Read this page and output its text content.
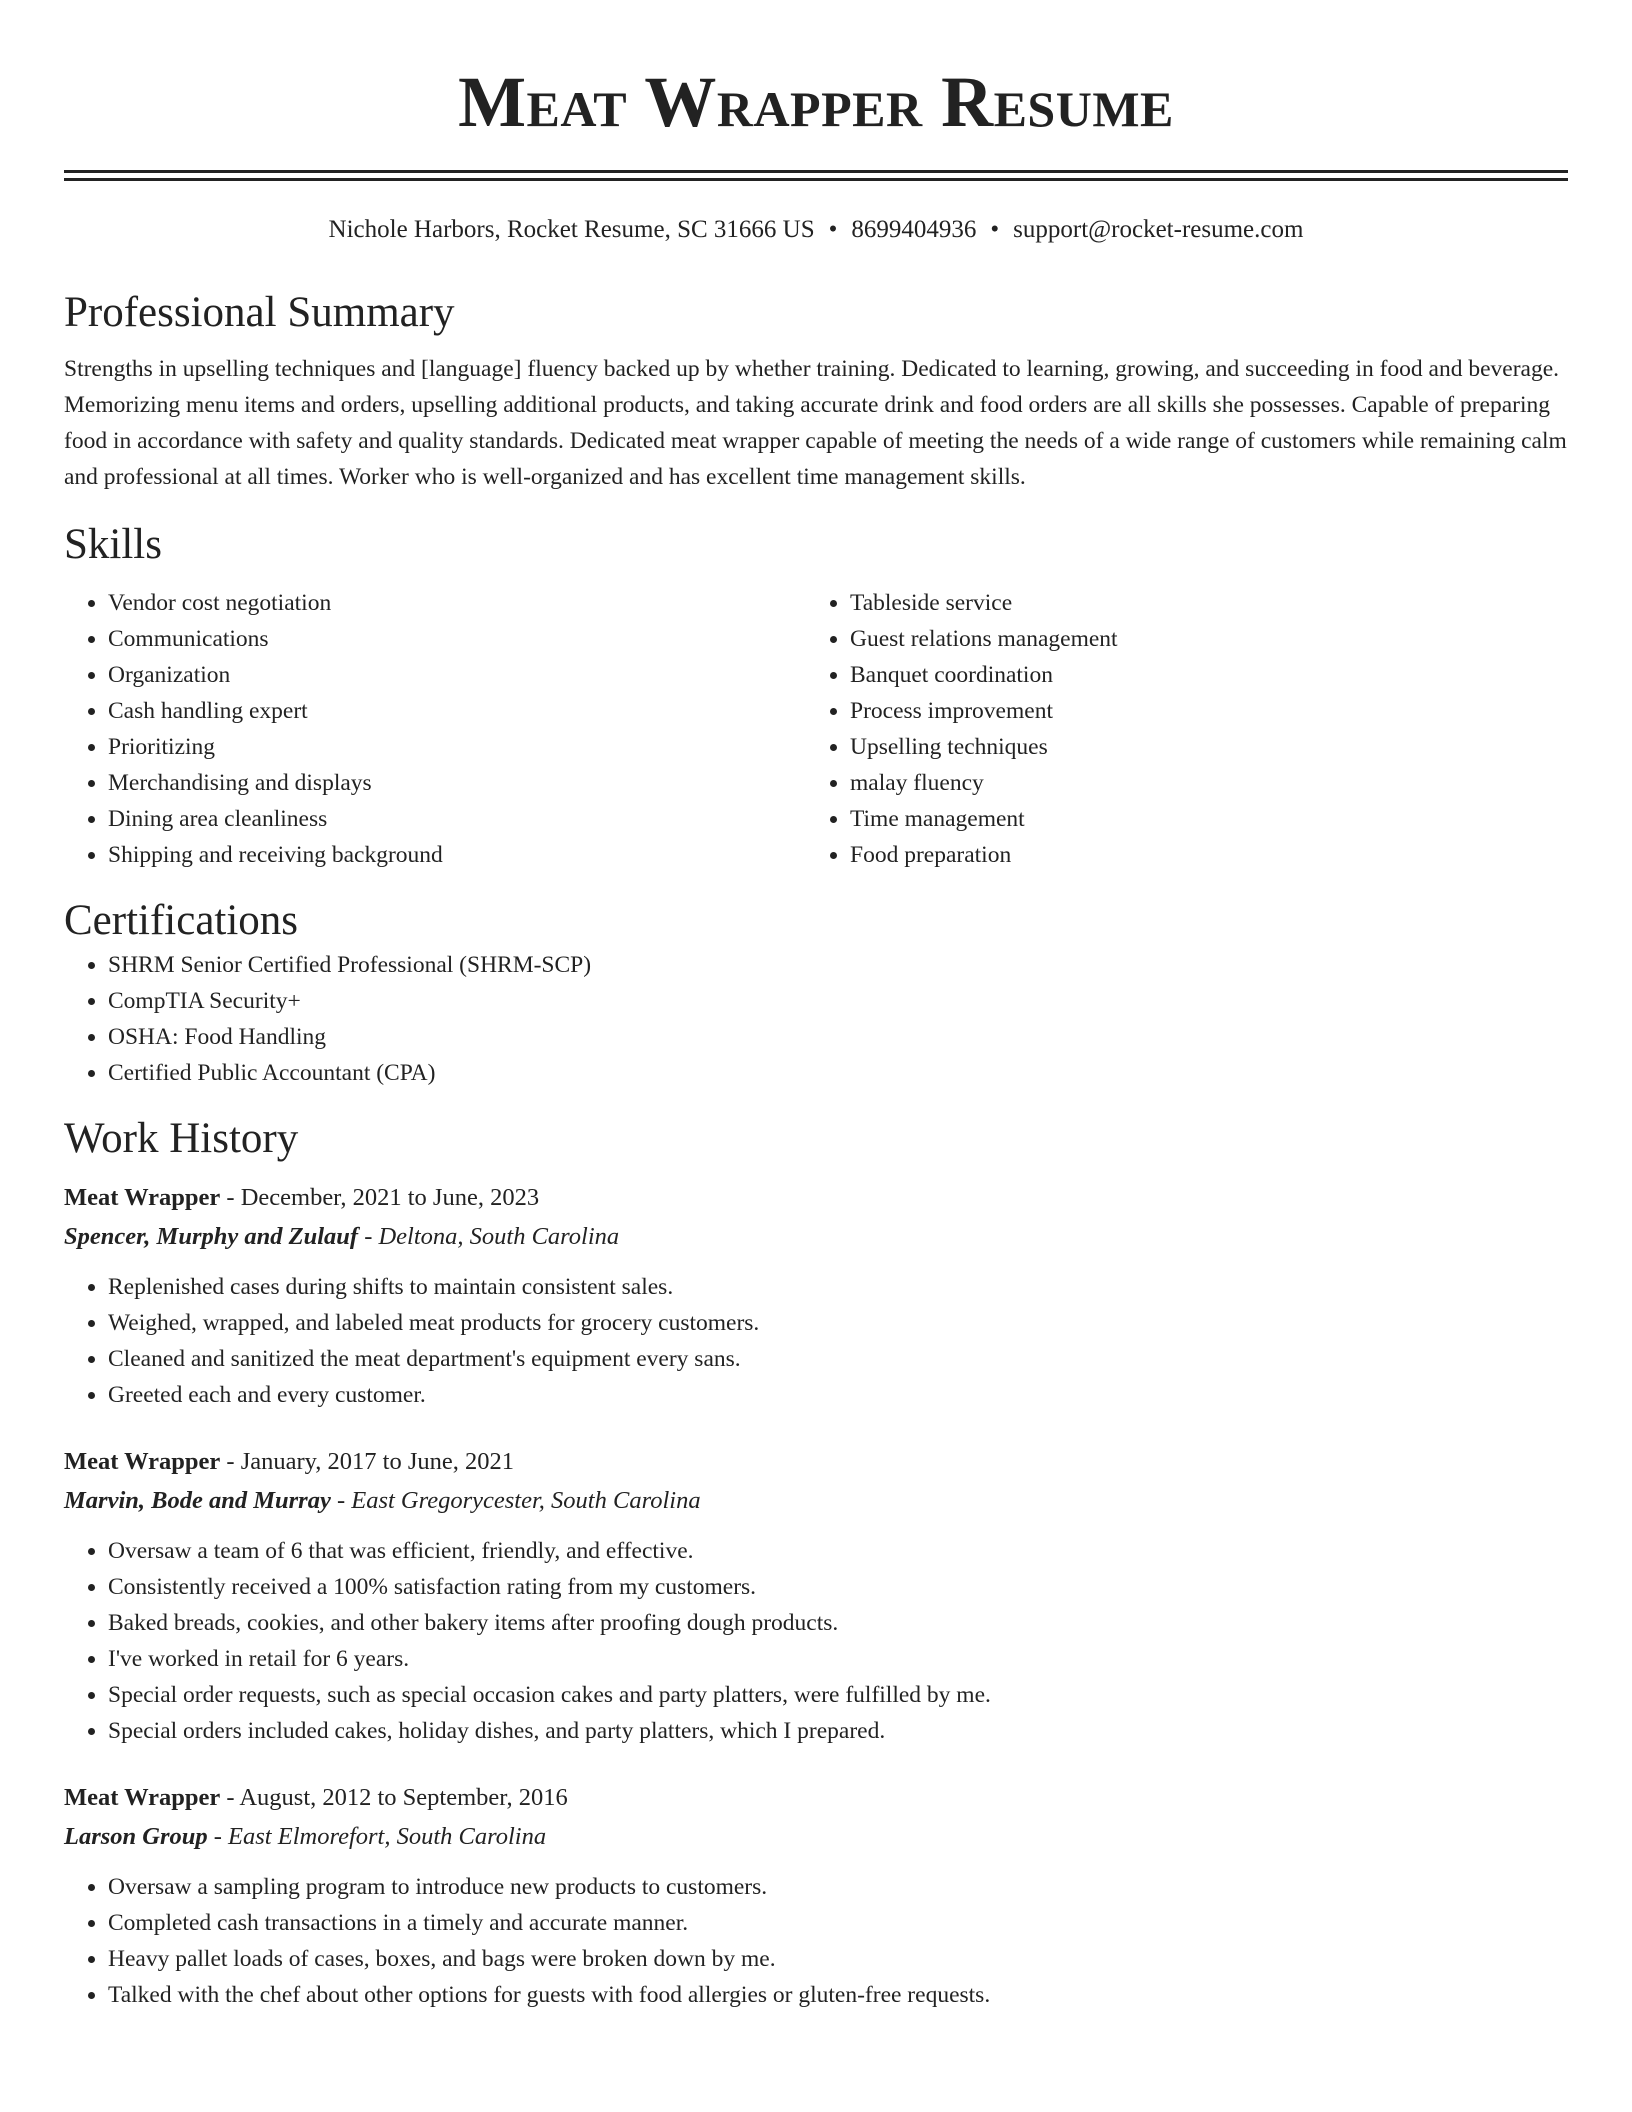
Meat Wrapper Resume
Nichole Harbors, Rocket Resume, SC 31666 US • 8699404936 • support@rocket-resume.com
Professional Summary

Strengths in upselling techniques and [language] fluency backed up by whether training. Dedicated to learning, growing, and succeeding in food and beverage. Memorizing menu items and orders, upselling additional products, and taking accurate drink and food orders are all skills she possesses. Capable of preparing food in accordance with safety and quality standards. Dedicated meat wrapper capable of meeting the needs of a wide range of customers while remaining calm and professional at all times. Worker who is well-organized and has excellent time management skills.

Skills
• Vendor cost negotiation
• Communications
• Organization
• Cash handling expert
• Prioritizing
• Merchandising and displays
• Dining area cleanliness
• Shipping and receiving background
• Tableside service
• Guest relations management
• Banquet coordination
• Process improvement
• Upselling techniques
• malay fluency
• Time management
• Food preparation
Certifications
• SHRM Senior Certified Professional (SHRM-SCP)
• CompTIA Security+
• OSHA: Food Handling
• Certified Public Accountant (CPA)
Work History
Meat Wrapper - December, 2021 to June, 2023
Spencer, Murphy and Zulauf - Deltona, South Carolina
• Replenished cases during shifts to maintain consistent sales.
• Weighed, wrapped, and labeled meat products for grocery customers.
• Cleaned and sanitized the meat department's equipment every sans.
• Greeted each and every customer.
Meat Wrapper - January, 2017 to June, 2021
Marvin, Bode and Murray - East Gregorycester, South Carolina
• Oversaw a team of 6 that was efficient, friendly, and effective.
• Consistently received a 100% satisfaction rating from my customers.
• Baked breads, cookies, and other bakery items after proofing dough products.
• I've worked in retail for 6 years.
• Special order requests, such as special occasion cakes and party platters, were fulfilled by me.
• Special orders included cakes, holiday dishes, and party platters, which I prepared.
Meat Wrapper - August, 2012 to September, 2016
Larson Group - East Elmorefort, South Carolina
• Oversaw a sampling program to introduce new products to customers.
• Completed cash transactions in a timely and accurate manner.
• Heavy pallet loads of cases, boxes, and bags were broken down by me.
• Talked with the chef about other options for guests with food allergies or gluten-free requests.
